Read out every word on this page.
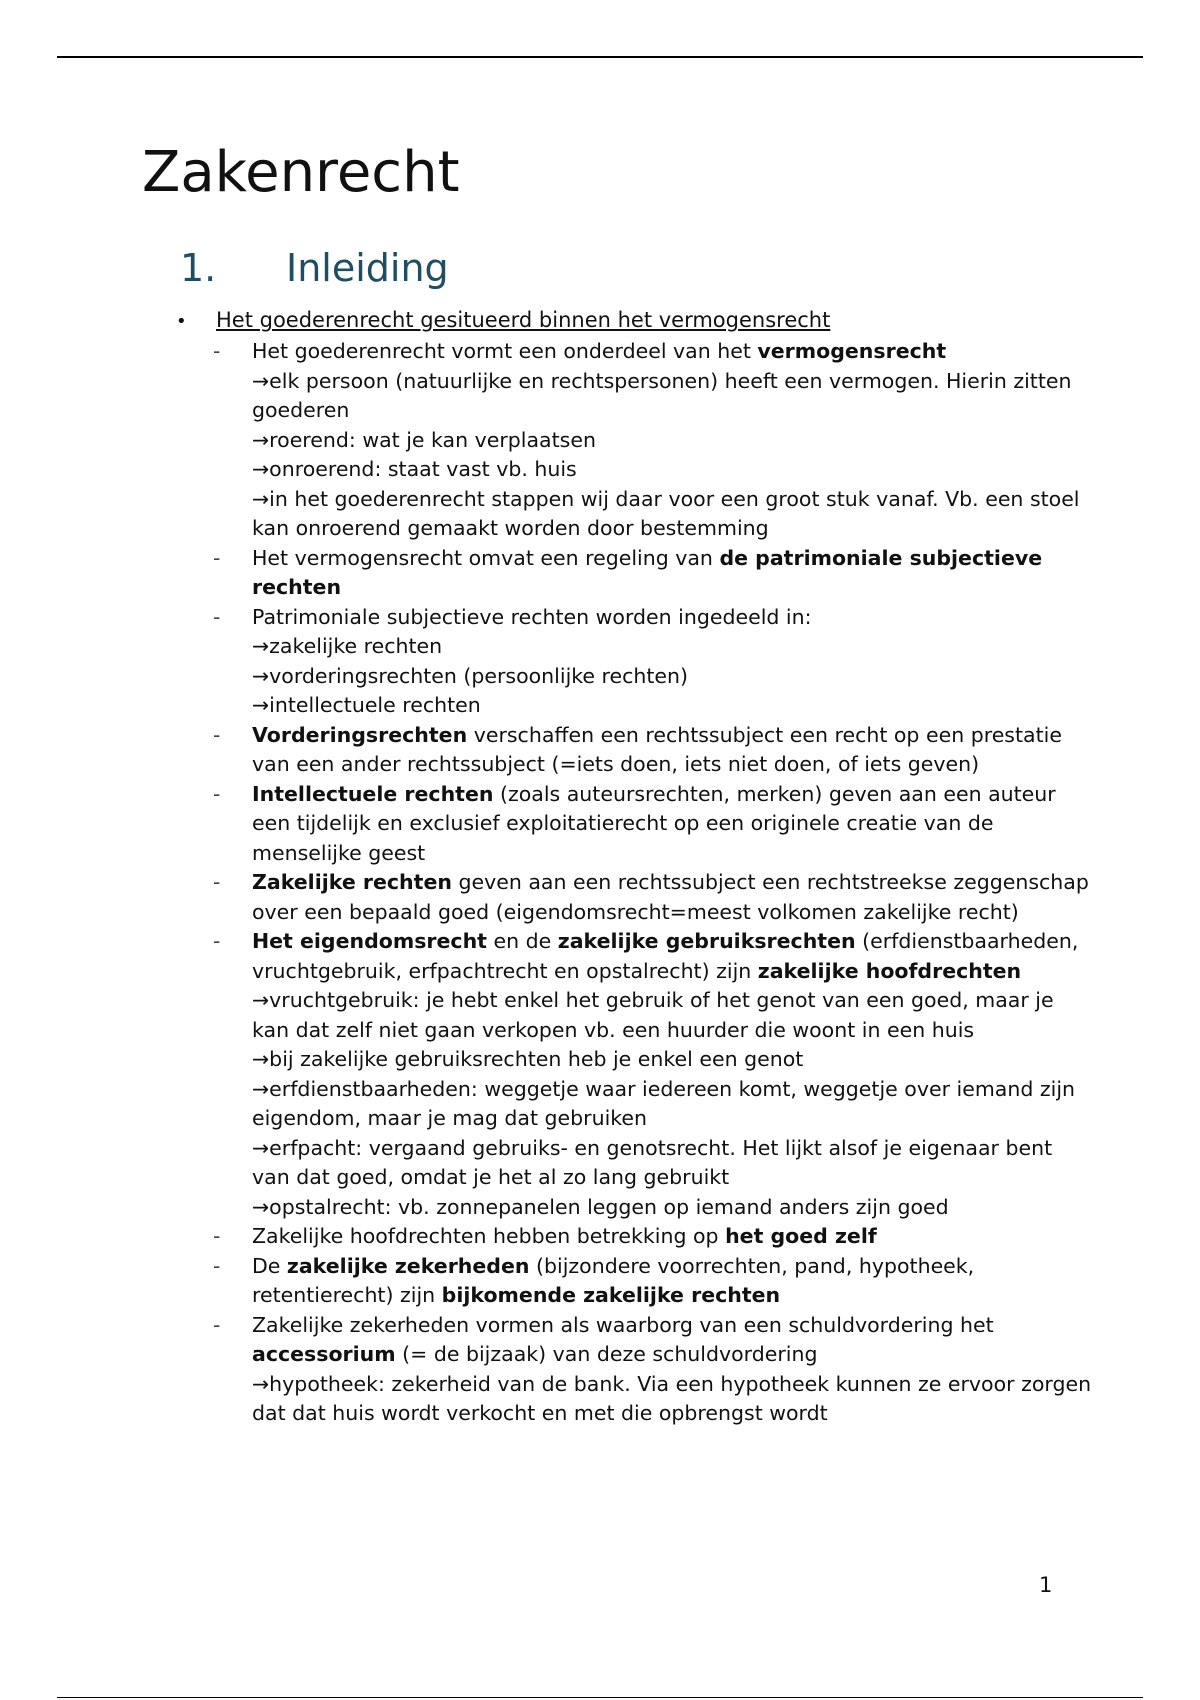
Zakenrecht
1. Inleiding
• Het goederenrecht gesitueerd binnen het vermogensrecht
- Het goederenrecht vormt een onderdeel van het vermogensrecht
→elk persoon (natuurlijke en rechtspersonen) heeft een vermogen. Hierin zitten goederen
→roerend: wat je kan verplaatsen
→onroerend: staat vast vb. huis
→in het goederenrecht stappen wij daar voor een groot stuk vanaf. Vb. een stoel kan onroerend gemaakt worden door bestemming
- Het vermogensrecht omvat een regeling van de patrimoniale subjectieve rechten
- Patrimoniale subjectieve rechten worden ingedeeld in:
→zakelijke rechten
→vorderingsrechten (persoonlijke rechten)
→intellectuele rechten
- Vorderingsrechten verschaffen een rechtssubject een recht op een prestatie van een ander rechtssubject (=iets doen, iets niet doen, of iets geven)
- Intellectuele rechten (zoals auteursrechten, merken) geven aan een auteur een tijdelijk en exclusief exploitatierecht op een originele creatie van de menselijke geest
- Zakelijke rechten geven aan een rechtssubject een rechtstreekse zeggenschap over een bepaald goed (eigendomsrecht=meest volkomen zakelijke recht)
- Het eigendomsrecht en de zakelijke gebruiksrechten (erfdienstbaarheden, vruchtgebruik, erfpachtrecht en opstalrecht) zijn zakelijke hoofdrechten
→vruchtgebruik: je hebt enkel het gebruik of het genot van een goed, maar je kan dat zelf niet gaan verkopen vb. een huurder die woont in een huis
→bij zakelijke gebruiksrechten heb je enkel een genot
→erfdienstbaarheden: weggetje waar iedereen komt, weggetje over iemand zijn eigendom, maar je mag dat gebruiken
→erfpacht: vergaand gebruiks- en genotsrecht. Het lijkt alsof je eigenaar bent van dat goed, omdat je het al zo lang gebruikt
→opstalrecht: vb. zonnepanelen leggen op iemand anders zijn goed
- Zakelijke hoofdrechten hebben betrekking op het goed zelf
- De zakelijke zekerheden (bijzondere voorrechten, pand, hypotheek, retentierecht) zijn bijkomende zakelijke rechten
- Zakelijke zekerheden vormen als waarborg van een schuldvordering het accessorium (= de bijzaak) van deze schuldvordering
→hypotheek: zekerheid van de bank. Via een hypotheek kunnen ze ervoor zorgen dat dat huis wordt verkocht en met die opbrengst wordt
1
